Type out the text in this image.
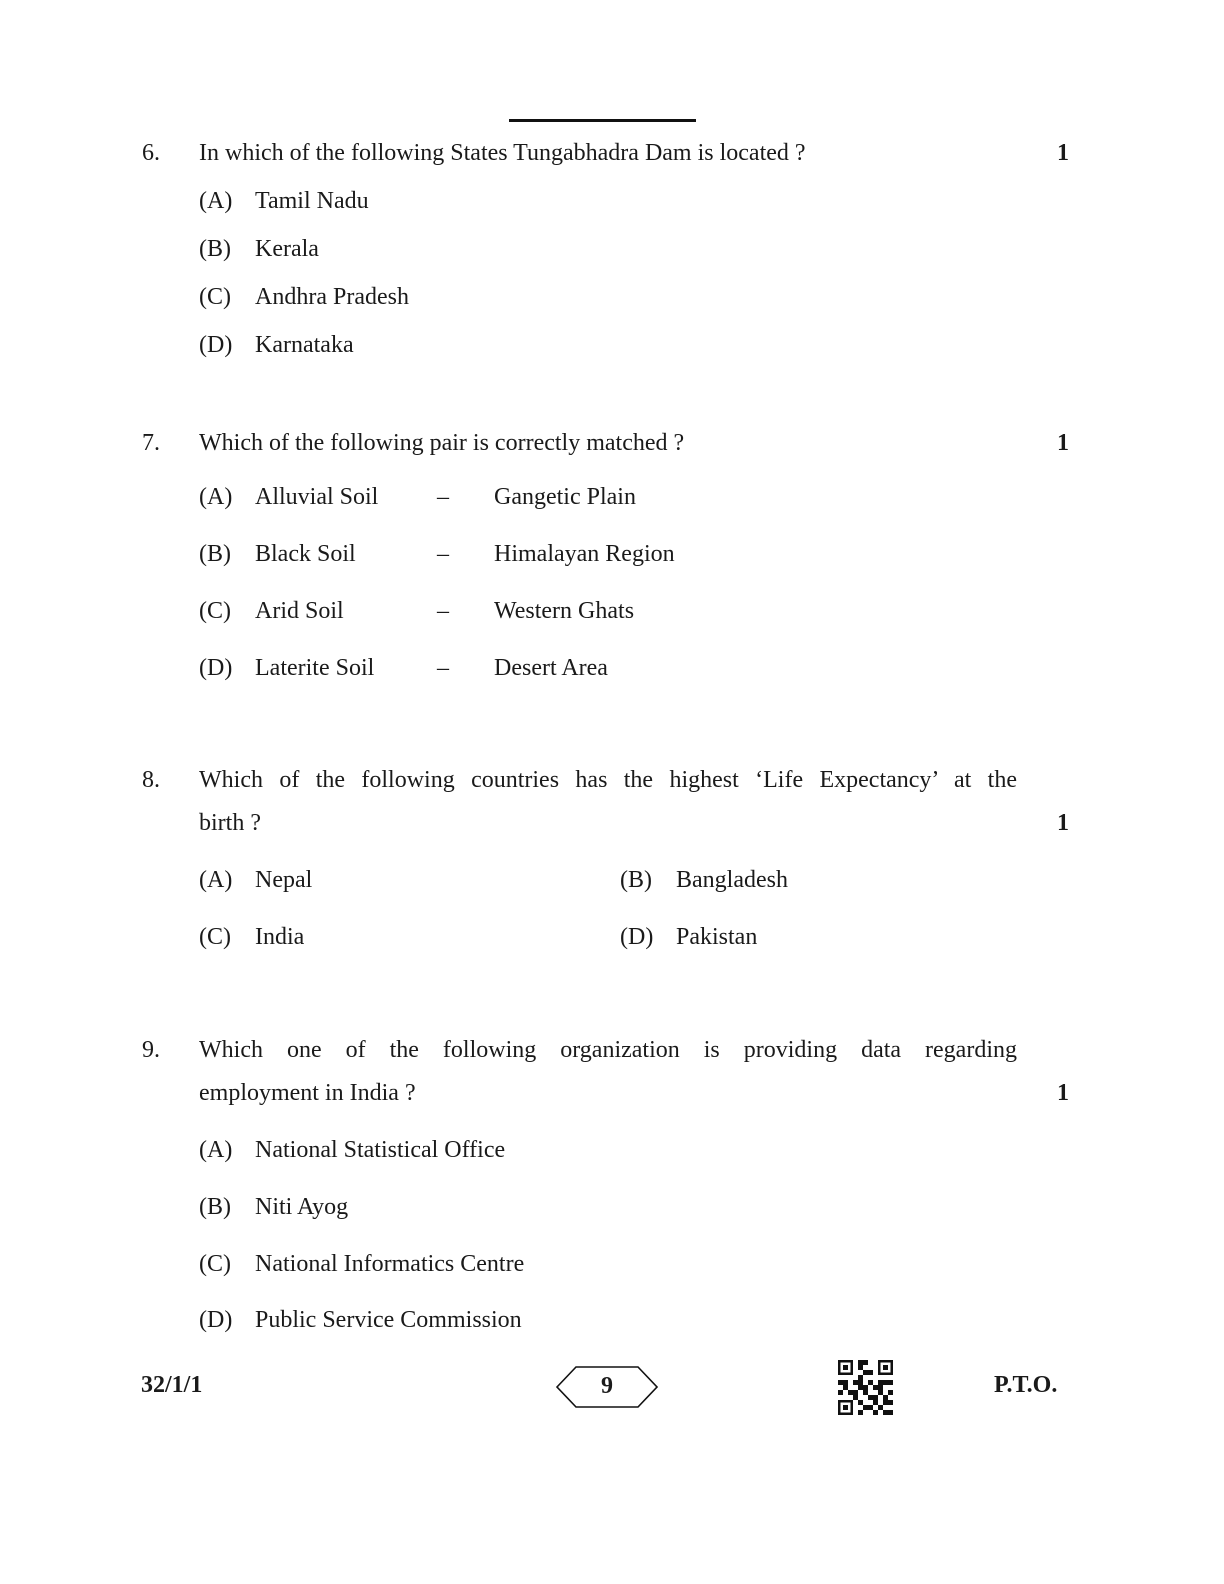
6. In which of the following States Tungabhadra Dam is located ?	1
(A) Tamil Nadu
(B) Kerala
(C) Andhra Pradesh
(D) Karnataka
7. Which of the following pair is correctly matched ?	1
(A) Alluvial Soil – Gangetic Plain
(B) Black Soil	– Himalayan Region
(C) Arid Soil	– Western Ghats
(D) Laterite Soil	– Desert Area
8. Which of the following countries has the highest ‘Life Expectancy’ at the
birth ?	1
(A) Nepal	(B) Bangladesh
(C) India	(D) Pakistan
9. Which one of the following organization is providing data regarding
employment in India ?	1
(A) National Statistical Office
(B) Niti Ayog
(C) National Informatics Centre
(D) Public Service Commission
32/1/1	9	P.T.O.
